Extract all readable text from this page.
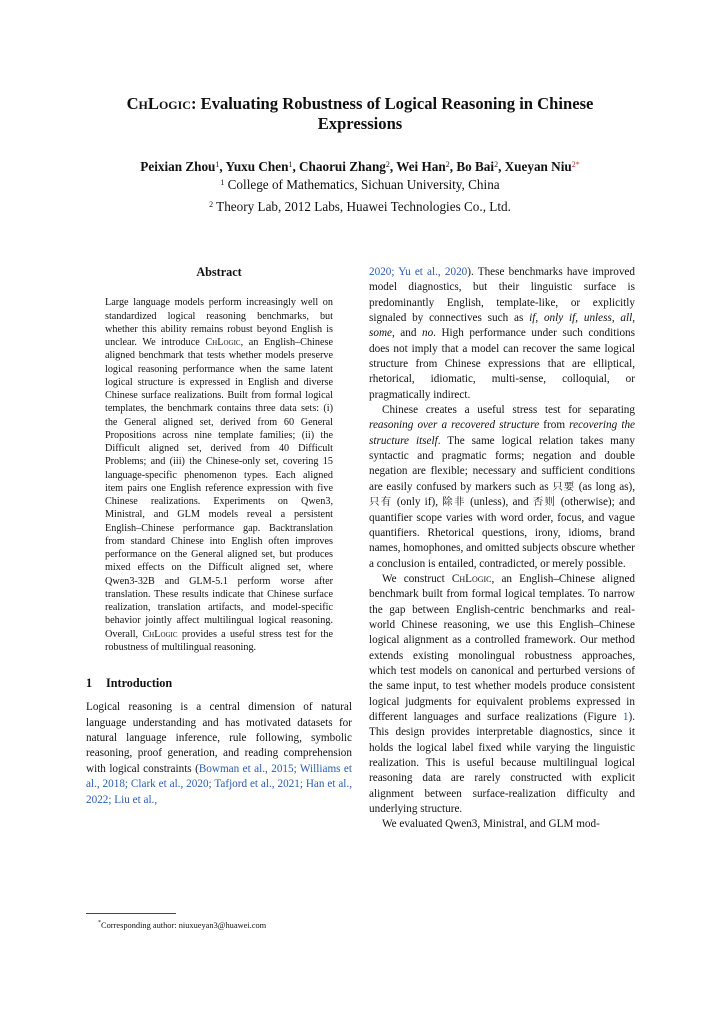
ChLogic: Evaluating Robustness of Logical Reasoning in Chinese
Expressions
Peixian Zhou$^1$, Yuxu Chen$^1$, Chaorui Zhang$^2$, Wei Han$^2$, Bo Bai$^2$, Xueyan Niu$^{2*}$
$^1$ College of Mathematics, Sichuan University, China
$^2$ Theory Lab, 2012 Labs, Huawei Technologies Co., Ltd.
Abstract

Large language models perform increasingly well on standardized logical reasoning benchmarks, but whether this ability remains robust beyond English is unclear. We introduce ChLogic, an English–Chinese aligned benchmark that tests whether models preserve logical reasoning performance when the same latent logical structure is expressed in English and diverse Chinese surface realizations. Built from formal logical templates, the benchmark contains three data sets: (i) the General aligned set, derived from 60 General Propositions across nine template families; (ii) the Difficult aligned set, derived from 40 Difficult Problems; and (iii) the Chinese-only set, covering 15 language-specific phenomenon types. Each aligned item pairs one English reference expression with five Chinese realizations. Experiments on Qwen3, Ministral, and GLM models reveal a persistent English–Chinese performance gap. Backtranslation from standard Chinese into English often improves performance on the General aligned set, but produces mixed effects on the Difficult aligned set, where Qwen3-32B and GLM-5.1 perform worse after translation. These results indicate that Chinese surface realization, translation artifacts, and model-specific behavior jointly affect multilingual logical reasoning. Overall, ChLogic provides a useful stress test for the robustness of multilingual reasoning.

1 Introduction

Logical reasoning is a central dimension of natural language understanding and has motivated datasets for natural language inference, rule following, symbolic reasoning, proof generation, and reading comprehension with logical constraints (Bowman et al., 2015; Williams et al., 2018; Clark et al., 2020; Tafjord et al., 2021; Han et al., 2022; Liu et al.,

*Corresponding author: niuxueyan3@huawei.com

2020; Yu et al., 2020). These benchmarks have improved model diagnostics, but their linguistic surface is predominantly English, template-like, or explicitly signaled by connectives such as if, only if, unless, all, some, and no. High performance under such conditions does not imply that a model can recover the same logical structure from Chinese expressions that are elliptical, rhetorical, idiomatic, multi-sense, colloquial, or pragmatically indirect.

Chinese creates a useful stress test for separating reasoning over a recovered structure from recovering the structure itself. The same logical relation takes many syntactic and pragmatic forms; negation and double negation are flexible; necessary and sufficient conditions are easily confused by markers such as 只要 (as long as), 只有 (only if), 除非 (unless), and 否则 (otherwise); and quantifier scope varies with word order, focus, and vague quantifiers. Rhetorical questions, irony, idioms, brand names, homophones, and omitted subjects obscure whether a conclusion is entailed, contradicted, or merely possible.

We construct ChLogic, an English–Chinese aligned benchmark built from formal logical templates. To narrow the gap between English-centric benchmarks and real-world Chinese reasoning, we use this English–Chinese logical alignment as a controlled framework. Our method extends existing monolingual robustness approaches, which test models on canonical and perturbed versions of the same input, to test whether models produce consistent logical judgments for equivalent problems expressed in different languages and surface realizations (Figure 1). This design provides interpretable diagnostics, since it holds the logical label fixed while varying the linguistic realization. This is useful because multilingual logical reasoning data are rarely constructed with explicit alignment between surface-realization difficulty and underlying structure.

We evaluated Qwen3, Ministral, and GLM mod-
